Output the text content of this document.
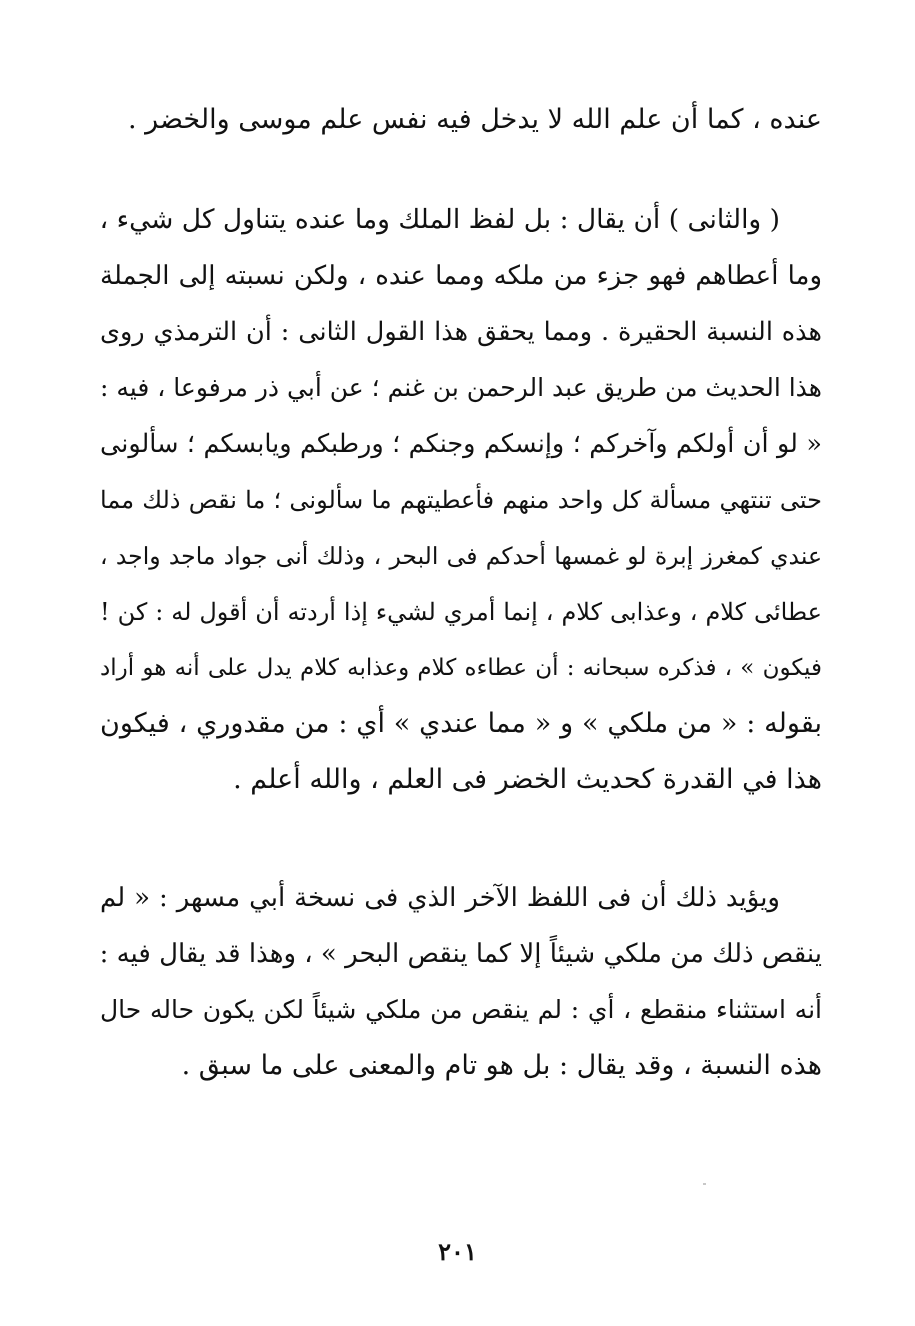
عنده ، كما أن علم الله لا يدخل فيه نفس علم موسى والخضر .
( والثانى ) أن يقال : بل لفظ الملك وما عنده يتناول كل شيء ،
وما أعطاهم فهو جزء من ملكه ومما عنده ، ولكن نسبته إلى الجملة
هذه النسبة الحقيرة . ومما يحقق هذا القول الثانى : أن الترمذي روى
هذا الحديث من طريق عبد الرحمن بن غنم ؛ عن أبي ذر مرفوعا ، فيه :
« لو أن أولكم وآخركم ؛ وإنسكم وجنكم ؛ ورطبكم ويابسكم ؛ سألونى
حتى تنتهي مسألة كل واحد منهم فأعطيتهم ما سألونى ؛ ما نقص ذلك مما
عندي كمغرز إبرة لو غمسها أحدكم فى البحر ، وذلك أنى جواد ماجد واجد ،
عطائى كلام ، وعذابى كلام ، إنما أمري لشيء إذا أردته أن أقول له : كن !
فيكون » ، فذكره سبحانه : أن عطاءه كلام وعذابه كلام يدل على أنه هو أراد
بقوله : « من ملكي » و « مما عندي » أي : من مقدوري ، فيكون
هذا في القدرة كحديث الخضر فى العلم ، والله أعلم .
ويؤيد ذلك أن فى اللفظ الآخر الذي فى نسخة أبي مسهر : « لم
ينقص ذلك من ملكي شيئاً إلا كما ينقص البحر » ، وهذا قد يقال فيه :
أنه استثناء منقطع ، أي : لم ينقص من ملكي شيئاً لكن يكون حاله حال
هذه النسبة ، وقد يقال : بل هو تام والمعنى على ما سبق .
٢٠١
